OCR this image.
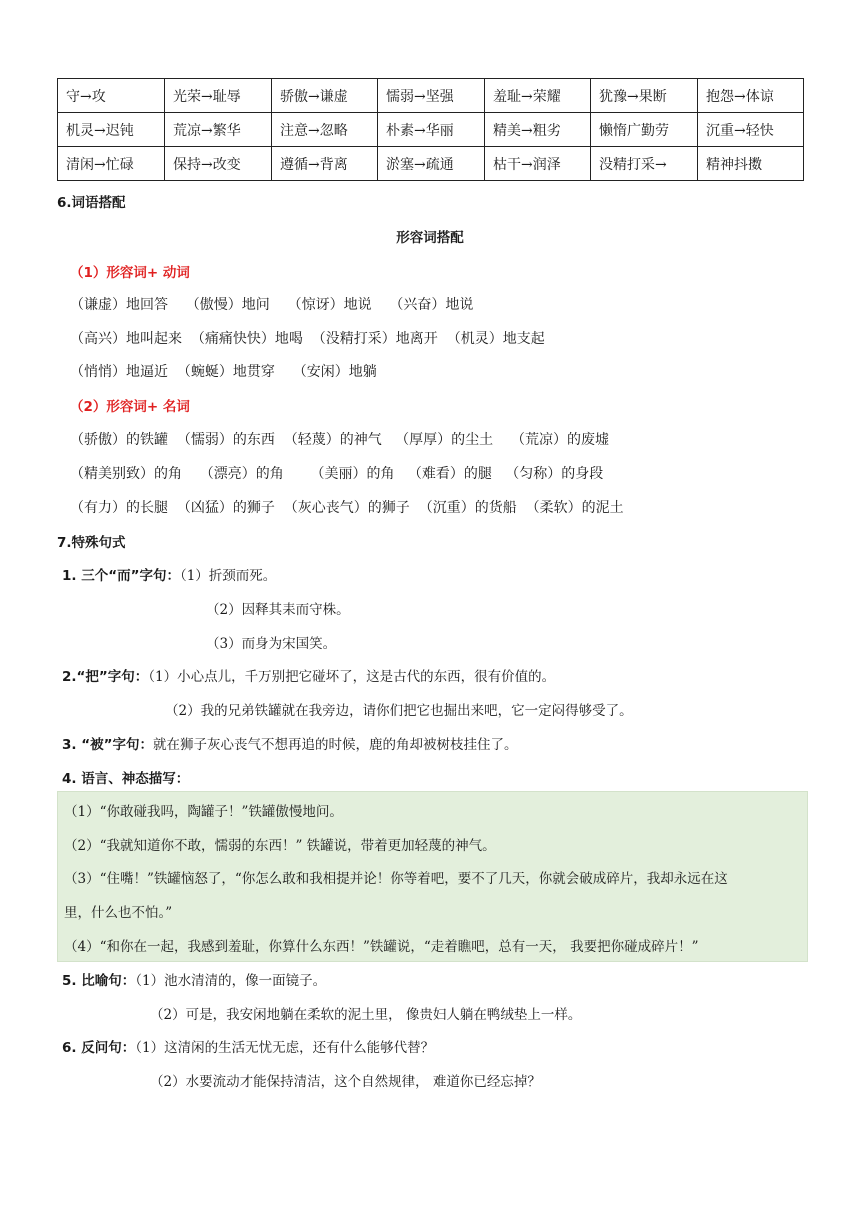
守→攻	光荣→耻辱	骄傲→谦虚	懦弱→坚强	羞耻→荣耀	犹豫→果断	抱怨→体谅
机灵→迟钝	荒凉→繁华	注意→忽略	朴素→华丽	精美→粗劣	懒惰⼴勤劳	沉重→轻快
清闲→忙碌	保持→改变	遵循→背离	淤塞→疏通	枯干→润泽	没精打采→	精神抖擞
6.词语搭配
形容词搭配
（1）形容词+ 动词
（谦虚）地回答    （傲慢）地问    （惊讶）地说    （兴奋）地说
（高兴）地叫起来  （痛痛快快）地喝  （没精打采）地离开  （机灵）地支起
（悄悄）地逼近  （蜿蜒）地贯穿    （安闲）地躺
（2）形容词+ 名词
（骄傲）的铁罐  （懦弱）的东西  （轻蔑）的神气   （厚厚）的尘土    （荒凉）的废墟
（精美别致）的角    （漂亮）的角      （美丽）的角   （难看）的腿   （匀称）的身段
（有力）的长腿  （凶猛）的狮子  （灰心丧气）的狮子  （沉重）的货船  （柔软）的泥土
7.特殊句式
1. 三个“而”字句：（1）折颈而死。
（2）因释其耒而守株。
（3）而身为宋国笑。
2.“把”字句：（1）小心点儿，千万别把它碰坏了，这是古代的东西，很有价值的。
（2）我的兄弟铁罐就在我旁边，请你们把它也掘出来吧，它一定闷得够受了。
3. “被”字句：就在狮子灰心丧气不想再追的时候，鹿的角却被树枝挂住了。
4. 语言、神态描写：
（1）“你敢碰我吗，陶罐子！”铁罐傲慢地问。
（2）“我就知道你不敢，懦弱的东西！” 铁罐说，带着更加轻蔑的神气。
（3）“住嘴！”铁罐恼怒了，“你怎么敢和我相提并论！你等着吧，要不了几天，你就会破成碎片，我却永远在这
里，什么也不怕。”
（4）“和你在一起，我感到羞耻，你算什么东西！”铁罐说，“走着瞧吧，总有一天， 我要把你碰成碎片！”
5. 比喻句：（1）池水清清的，像一面镜子。
（2）可是，我安闲地躺在柔软的泥土里， 像贵妇人躺在鸭绒垫上一样。
6. 反问句：（1）这清闲的生活无忧无虑，还有什么能够代替？
（2）水要流动才能保持清洁，这个自然规律， 难道你已经忘掉？
